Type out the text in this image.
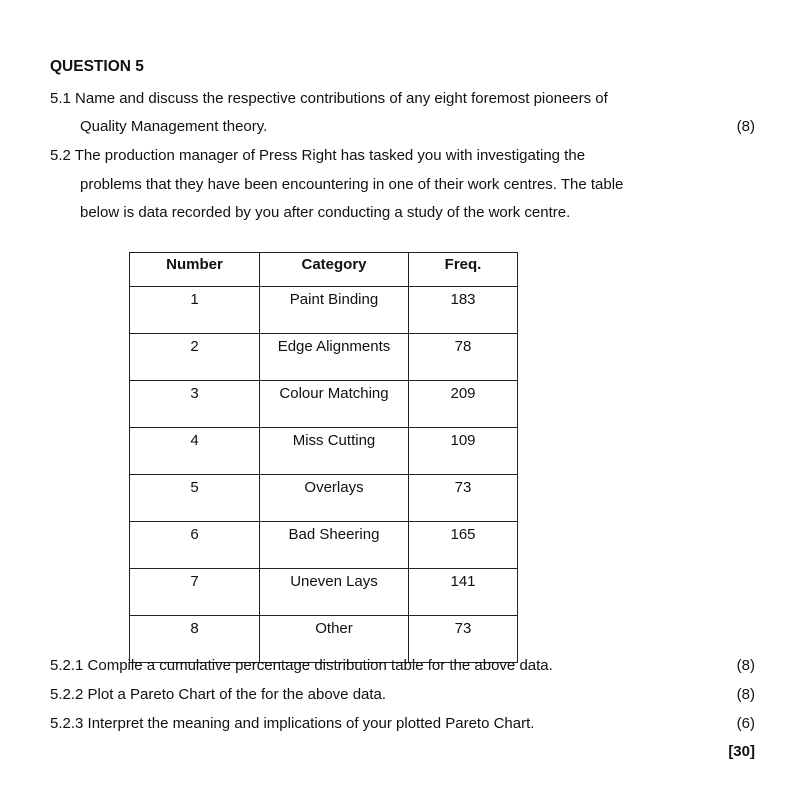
QUESTION 5
5.1 Name and discuss the respective contributions of any eight foremost pioneers of
Quality Management theory.	(8)
5.2 The production manager of Press Right has tasked you with investigating the
problems that they have been encountering in one of their work centres. The table
below is data recorded by you after conducting a study of the work centre.
Number	Category	Freq.
1	Paint Binding	183
2	Edge Alignments	78
3	Colour Matching	209
4	Miss Cutting	109
5	Overlays	73
6	Bad Sheering	165
7	Uneven Lays	141
8	Other	73
5.2.1 Compile a cumulative percentage distribution table for the above data.	(8)
5.2.2 Plot a Pareto Chart of the for the above data.	(8)
5.2.3 Interpret the meaning and implications of your plotted Pareto Chart.	(6)
[30]
